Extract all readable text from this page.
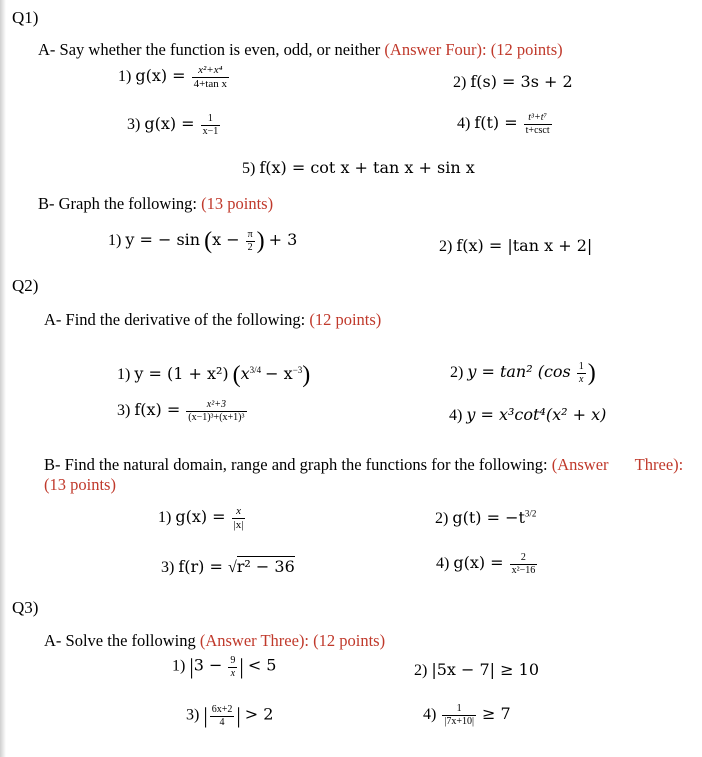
Q1)
A- Say whether the function is even, odd, or neither (Answer Four): (12 points)
1) $g(x) = \frac{\text{x²+x⁴}}{\text{4+tan x}}$	2) f(s) = 3s + 2
3) $g(x) = \frac{1}{x-1}$	4) $f(t) = \frac{\text{t³+t⁷}}{t+\csc t}$
5) f(x) = cot x + tan x + sin x
B- Graph the following: (13 points)
1) y = − $\sin (x - \frac{\pi}{2}$ ) + 3	2) f(x) = |tan x + 2|
Q2)
A- Find the derivative of the following: (12 points)
1) y = (1 + x²) $(x^{3/4} - x^{-3})$	2) y = tan² ($\cos \frac{1}{x}$ )
3) $f(x) = \frac{\text{x²+3}}{\text{(x−1)³+(x+1)³}}$	4) y = x³cot⁴(x² + x)
B- Find the natural domain, range and graph the functions for the following: (Answer Three): (13 points)
1) $g(x) = \frac{x}{|x|}$	2) $g(t) = -t^{3/2}$
3) f(r) = √r² − 36	4) $g(x) = \frac{2}{\text{x²−16}}$
Q3)
A- Solve the following (Answer Three): (12 points)
1) $|3 - \frac{9}{x}$ | < 5	2) |5x − 7| ≥ 10
3) | $\frac{6x+2}{4}$ | > 2	$4) \frac{1}{|7x+10|} \ge 7$
